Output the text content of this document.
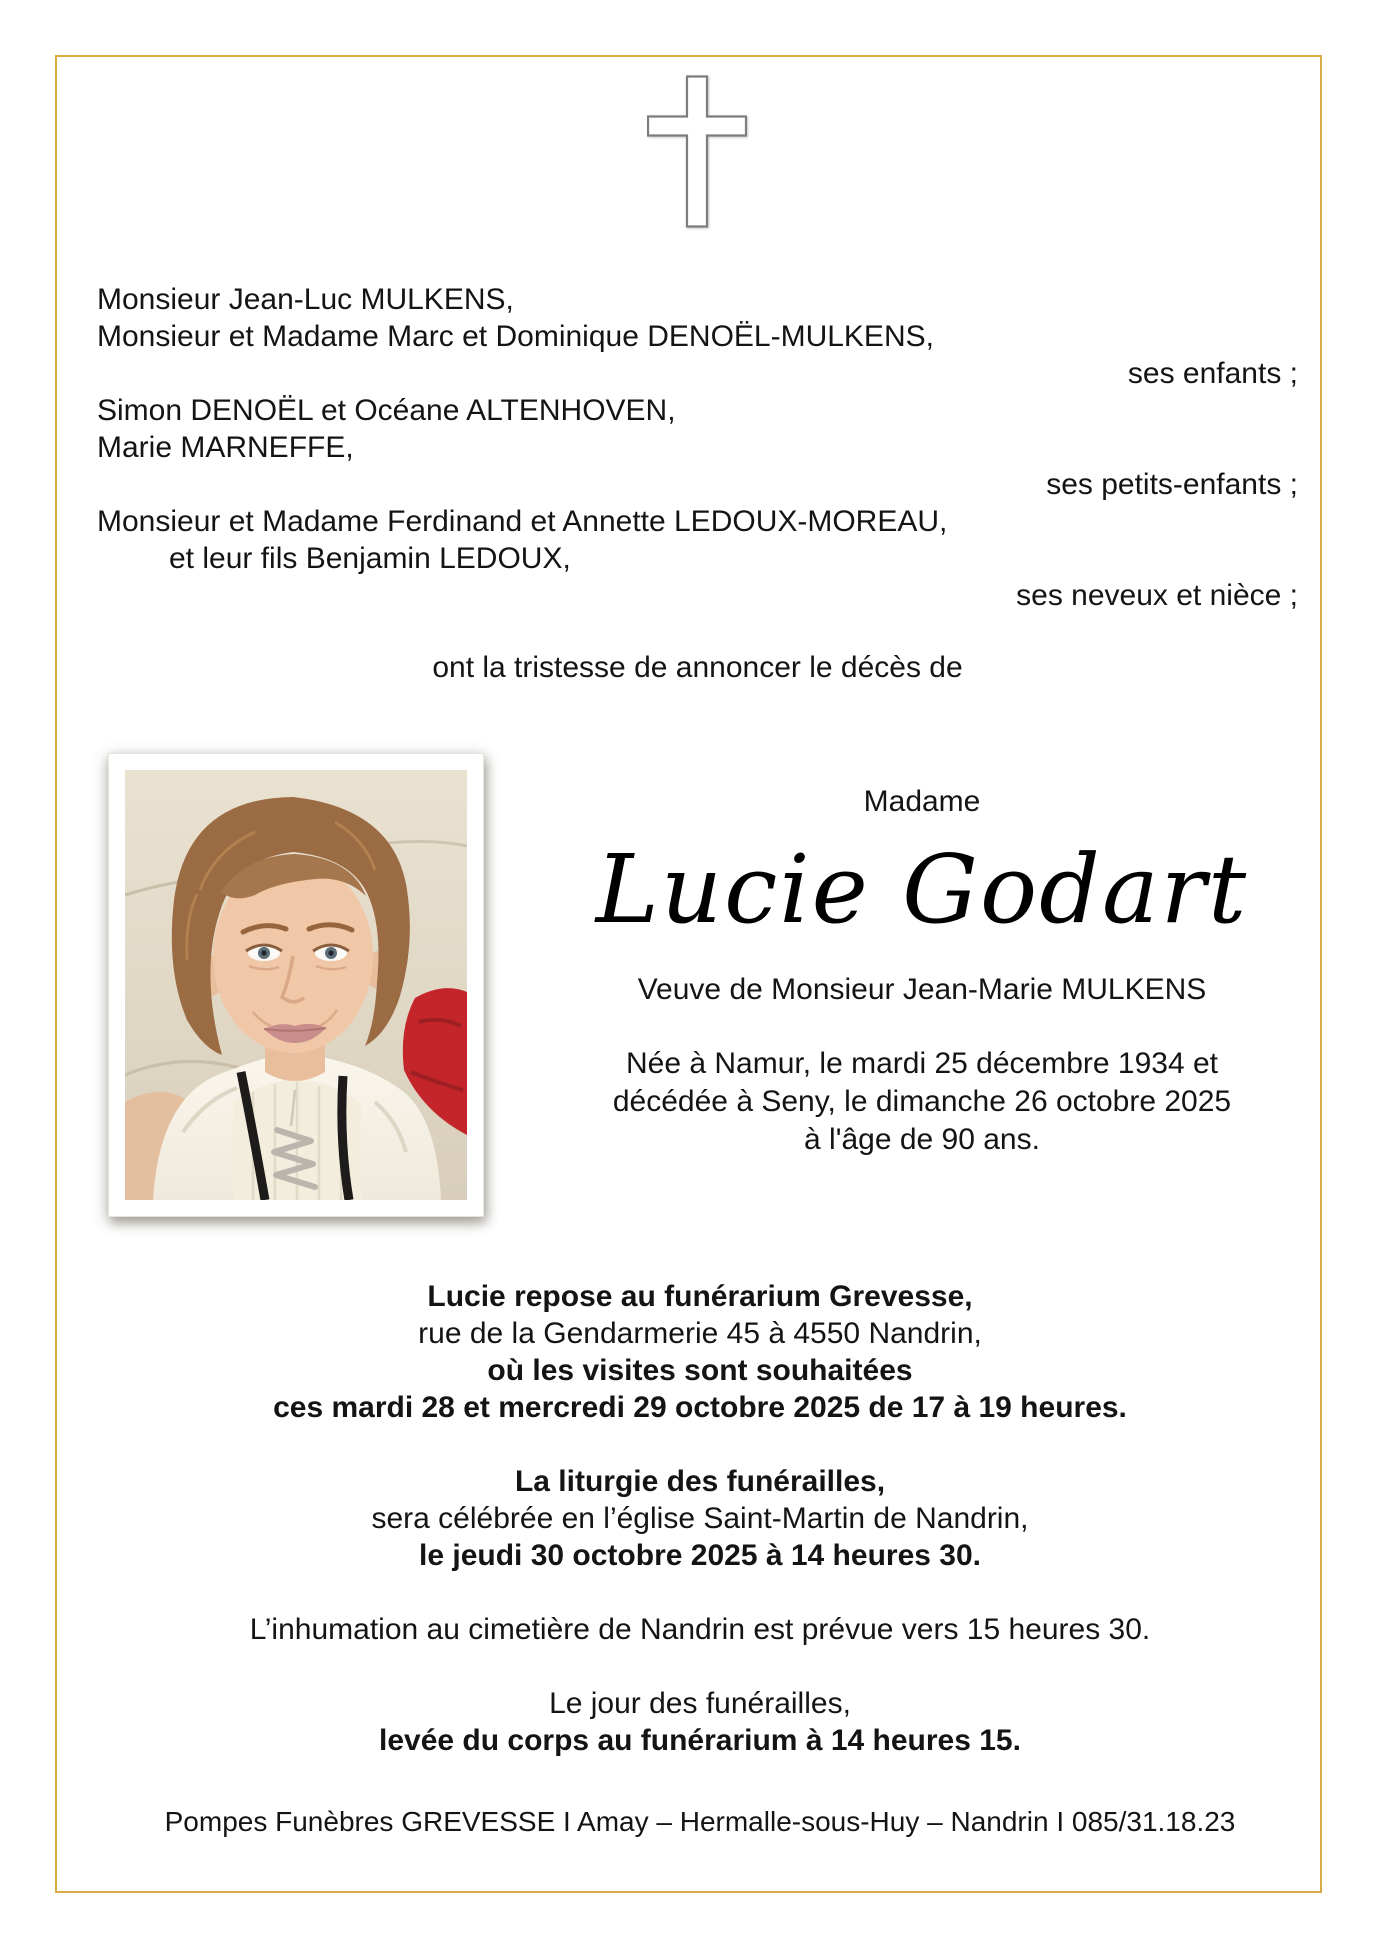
Monsieur Jean-Luc MULKENS,
Monsieur et Madame Marc et Dominique DENOËL-MULKENS,
ses enfants ;
Simon DENOËL et Océane ALTENHOVEN,
Marie MARNEFFE,
ses petits-enfants ;
Monsieur et Madame Ferdinand et Annette LEDOUX-MOREAU,
et leur fils Benjamin LEDOUX,
ses neveux et nièce ;
ont la tristesse de annoncer le décès de
Madame
Lucie Godart
Veuve de Monsieur Jean-Marie MULKENS
Née à Namur, le mardi 25 décembre 1934 et
décédée à Seny, le dimanche 26 octobre 2025
à l'âge de 90 ans.
Lucie repose au funérarium Grevesse,
rue de la Gendarmerie 45 à 4550 Nandrin,
où les visites sont souhaitées
ces mardi 28 et mercredi 29 octobre 2025 de 17 à 19 heures.
La liturgie des funérailles,
sera célébrée en l’église Saint-Martin de Nandrin,
le jeudi 30 octobre 2025 à 14 heures 30.
L’inhumation au cimetière de Nandrin est prévue vers 15 heures 30.
Le jour des funérailles,
levée du corps au funérarium à 14 heures 15.
Pompes Funèbres GREVESSE I Amay – Hermalle-sous-Huy – Nandrin I 085/31.18.23
